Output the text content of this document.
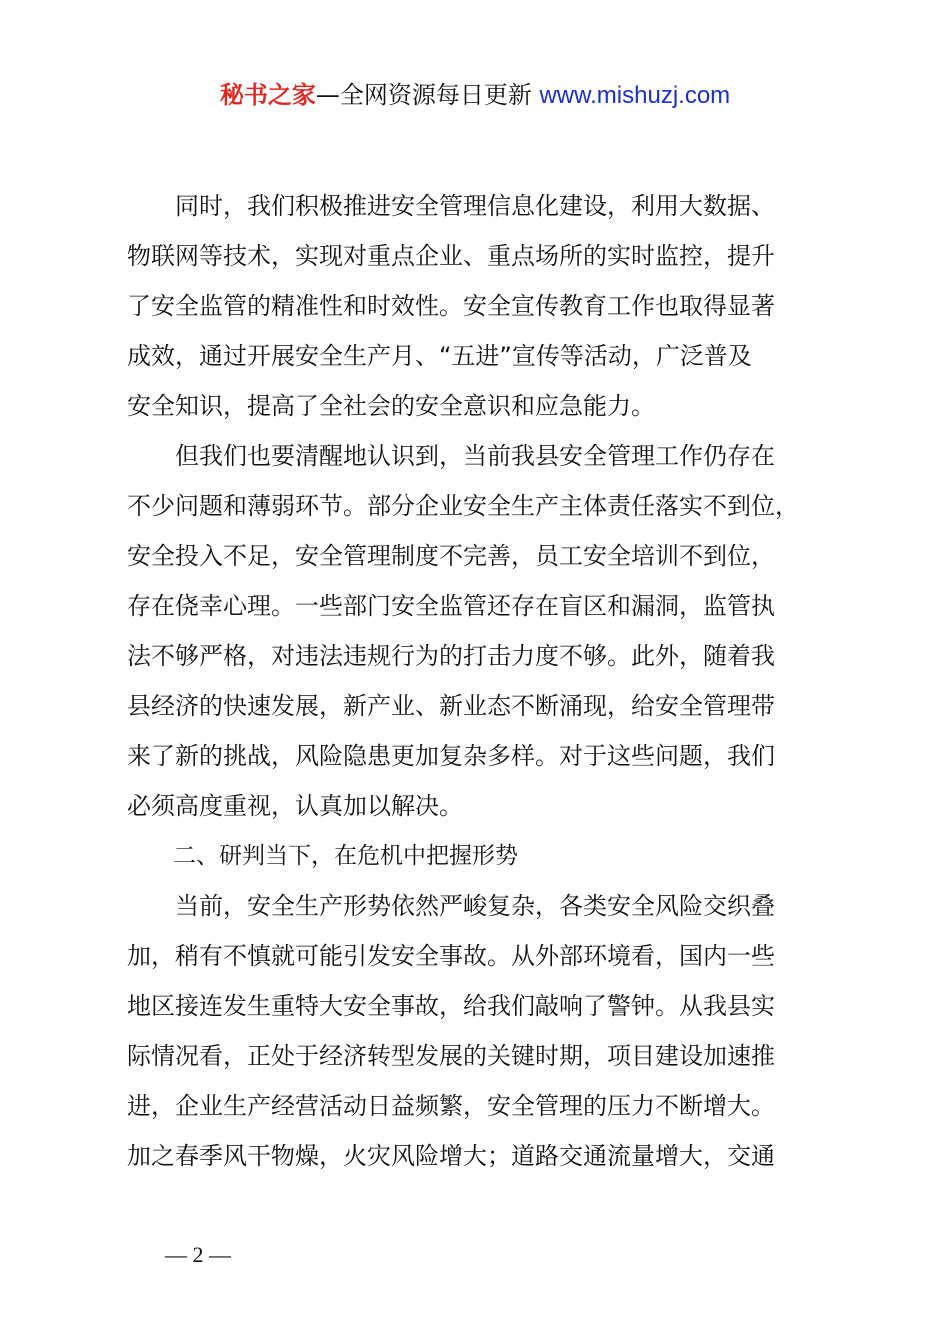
秘书之家—全网资源每日更新 www.mishuzj.com

同时，我们积极推进安全管理信息化建设，利用大数据、
物联网等技术，实现对重点企业、重点场所的实时监控，提升
了安全监管的精准性和时效性。安全宣传教育工作也取得显著
成效，通过开展安全生产月、“五进”宣传等活动，广泛普及
安全知识，提高了全社会的安全意识和应急能力。

但我们也要清醒地认识到，当前我县安全管理工作仍存在
不少问题和薄弱环节。部分企业安全生产主体责任落实不到位，
安全投入不足，安全管理制度不完善，员工安全培训不到位，
存在侥幸心理。一些部门安全监管还存在盲区和漏洞，监管执
法不够严格，对违法违规行为的打击力度不够。此外，随着我
县经济的快速发展，新产业、新业态不断涌现，给安全管理带
来了新的挑战，风险隐患更加复杂多样。对于这些问题，我们
必须高度重视，认真加以解决。

二、研判当下，在危机中把握形势

当前，安全生产形势依然严峻复杂，各类安全风险交织叠
加，稍有不慎就可能引发安全事故。从外部环境看，国内一些
地区接连发生重特大安全事故，给我们敲响了警钟。从我县实
际情况看，正处于经济转型发展的关键时期，项目建设加速推
进，企业生产经营活动日益频繁，安全管理的压力不断增大。
加之春季风干物燥，火灾风险增大；道路交通流量增大，交通

— 2 —
